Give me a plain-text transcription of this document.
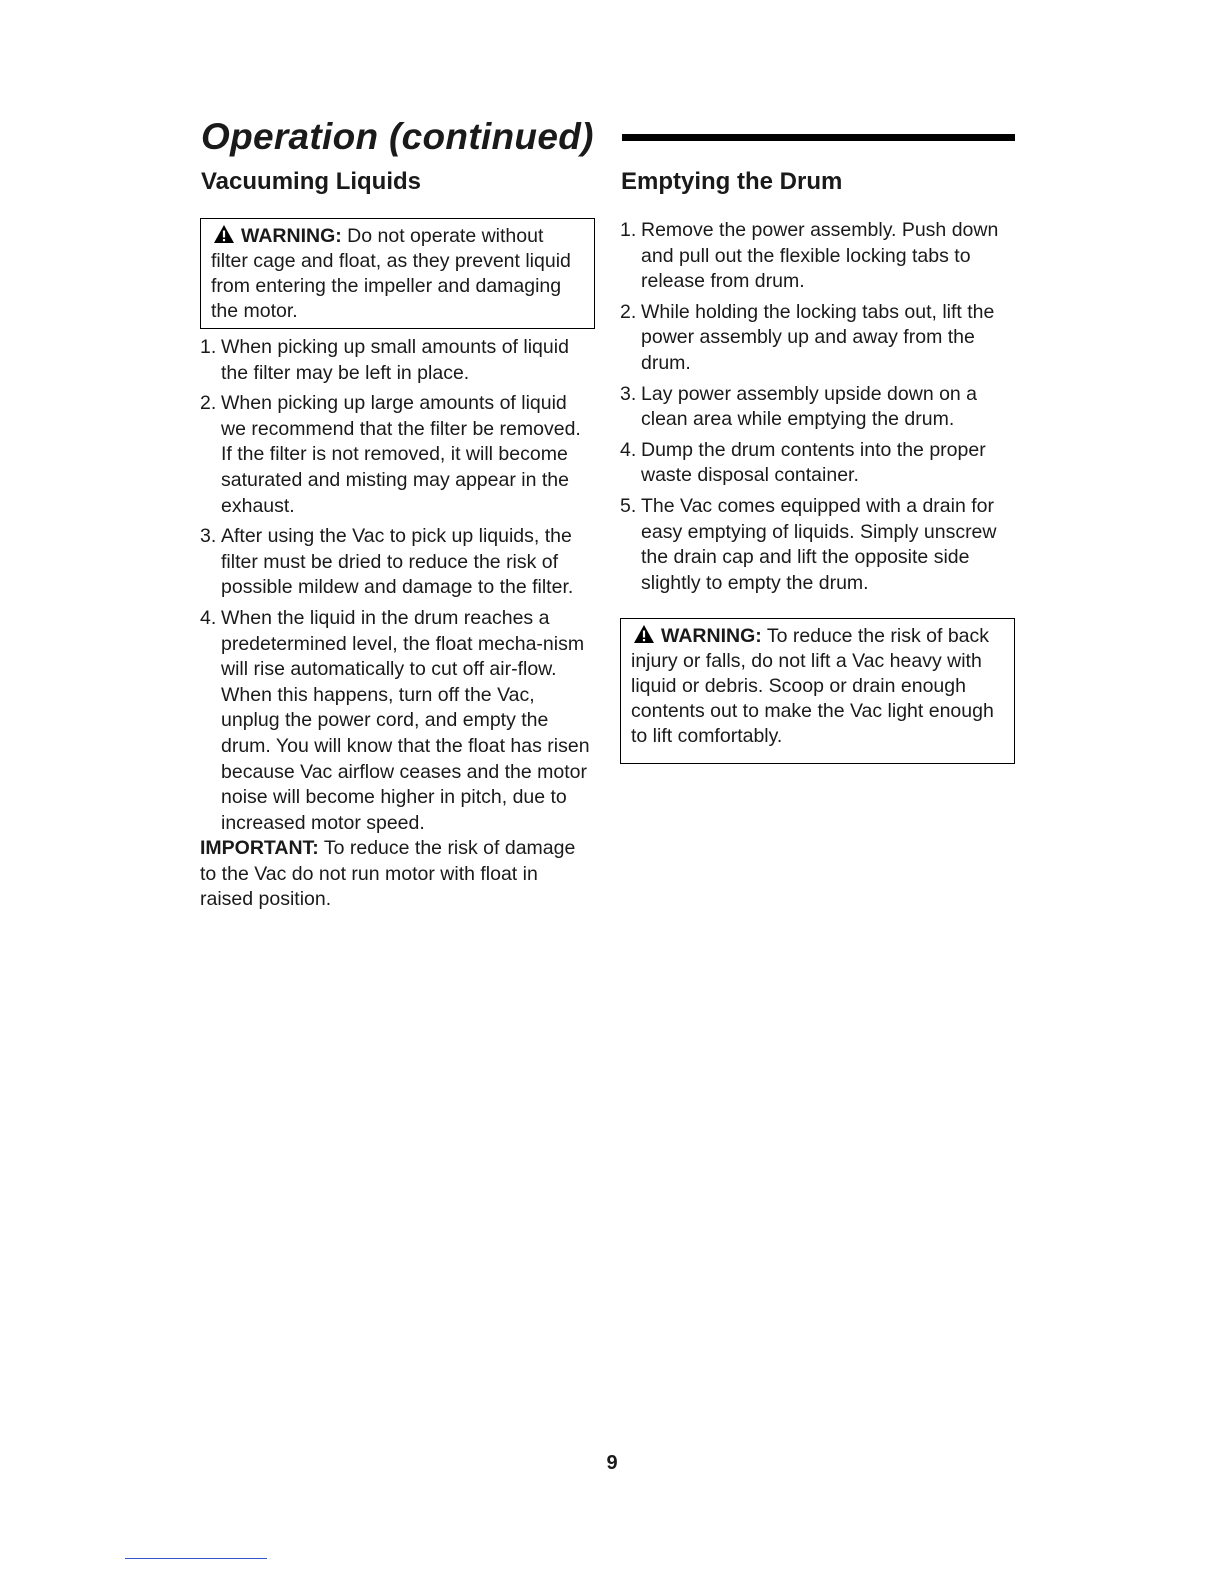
Operation (continued)
Vacuuming Liquids
WARNING: Do not operate without filter cage and float, as they prevent liquid from entering the impeller and damaging the motor.
1. When picking up small amounts of liquid the filter may be left in place.
2. When picking up large amounts of liquid we recommend that the filter be removed. If the filter is not removed, it will become saturated and misting may appear in the exhaust.
3. After using the Vac to pick up liquids, the filter must be dried to reduce the risk of possible mildew and damage to the filter.
4. When the liquid in the drum reaches a predetermined level, the float mecha-nism will rise automatically to cut off air-flow. When this happens, turn off the Vac, unplug the power cord, and empty the drum. You will know that the float has risen because Vac airflow ceases and the motor noise will become higher in pitch, due to increased motor speed.

IMPORTANT: To reduce the risk of damage to the Vac do not run motor with float in raised position.

Emptying the Drum
1. Remove the power assembly. Push down and pull out the flexible locking tabs to release from drum.
2. While holding the locking tabs out, lift the power assembly up and away from the drum.
3. Lay power assembly upside down on a clean area while emptying the drum.
4. Dump the drum contents into the proper waste disposal container.
5. The Vac comes equipped with a drain for easy emptying of liquids. Simply unscrew the drain cap and lift the opposite side slightly to empty the drum.
WARNING: To reduce the risk of back injury or falls, do not lift a Vac heavy with liquid or debris. Scoop or drain enough contents out to make the Vac light enough to lift comfortably.
9
